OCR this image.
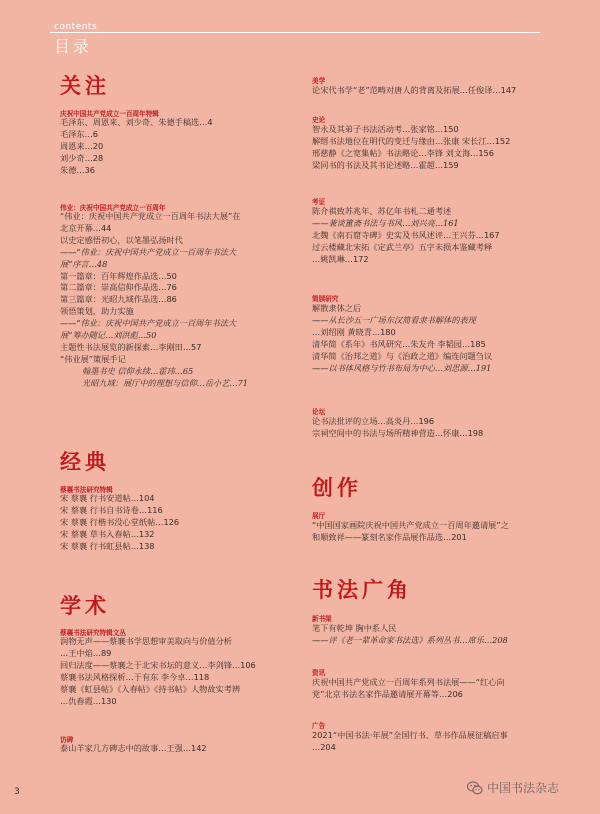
contents
目录
关注
庆祝中国共产党成立一百周年特辑
毛泽东、周恩来、刘少奇、朱德手稿选…4
毛泽东…6
周恩来…20
刘少奇…28
朱德…36
伟业：庆祝中国共产党成立一百周年
“伟业：庆祝中国共产党成立一百周年书法大展”在
北京开幕…44
以史定感悟初心，以笔墨弘扬时代
——“伟业：庆祝中国共产党成立一百周年书法大
展”序言…48
第一篇章：百年辉煌作品选…50
第二篇章：崇高信仰作品选…76
第三篇章：光昭九域作品选…86
领悟策划，助力实施
——“伟业：庆祝中国共产党成立一百周年书法大
展”筹办随记…刘洪彪…50
主题性书法展览的新探索…李刚田…57
“伟业展”策展手记
翰墨书史 信仰永续…霍玮…65
光昭九域：展厅中的理想与信仰…岳小艺…71
经典
蔡襄书法研究特辑
宋 蔡襄 行书安道帖…104
宋 蔡襄 行书自书诗卷…116
宋 蔡襄 行楷书没心堂纸帖…126
宋 蔡襄 草书入春帖…132
宋 蔡襄 行书虹县帖…138
学术
蔡襄书法研究特辑文丛
润物无声——蔡襄书学思想审美取向与价值分析
…王中焰…89
回归法度——蔡襄之于北宋书坛的意义…李剑锋…106
蔡襄书法风格探析…于有东 李今卓…118
蔡襄《虹县帖》《入春帖》《持书帖》人物故实考辨
…仇春霞…130
访碑
泰山羊家几方碑志中的故事…王强…142
美学
论宋代书学“老”范畴对唐人的背离及拓展…任俊译…147
史论
智永及其弟子书法活动考…张家铭…150
解缙书法地位在明代的变迁与缘由…张康 宋长江…152
邢慈静《之宽集帖》书法略论…李锋 刘文海…156
梁同书的书法及其书论述略…霍超…159
考证
陈介祺致苏兆年、苏亿年书札二通考述
——兼谈簠斋书法与书风…刘兴亮…161
北魏《南石窟寺碑》史实及书风述评…王兴芬…167
过云楼藏北宋拓《定武兰亭》五字未损本鉴藏考释
…姚凯琳…172
简牍研究
解散隶体之后
——从长沙五一广场东汉简看隶书解体的表现
…刘绍刚 黄晓青…180
清华简《系年》书风研究…朱友舟 李韬园…185
清华简《治邦之道》与《治政之道》编连问题刍议
——以书体风格与竹书布局为中心…刘思源…191
论坛
论书法批评的立场…高炎丹…196
宗祠空间中的书法与场所精神营造…怀康…198
创作
展厅
“中国国家画院庆祝中国共产党成立一百周年邀请展”之
和顺致祥——篆刻名家作品展作品选…201
书法广角
新书架
笔下有乾坤 胸中系人民
——评《老一辈革命家书法选》系列丛书…席乐…208
资讯
庆祝中国共产党成立一百周年系列书法展——“红心向
党”北京书法名家作品邀请展开幕等…206
广告
2021“中国书法·年展”全国行书、草书作品展征稿启事
…204
3	中国书法杂志
